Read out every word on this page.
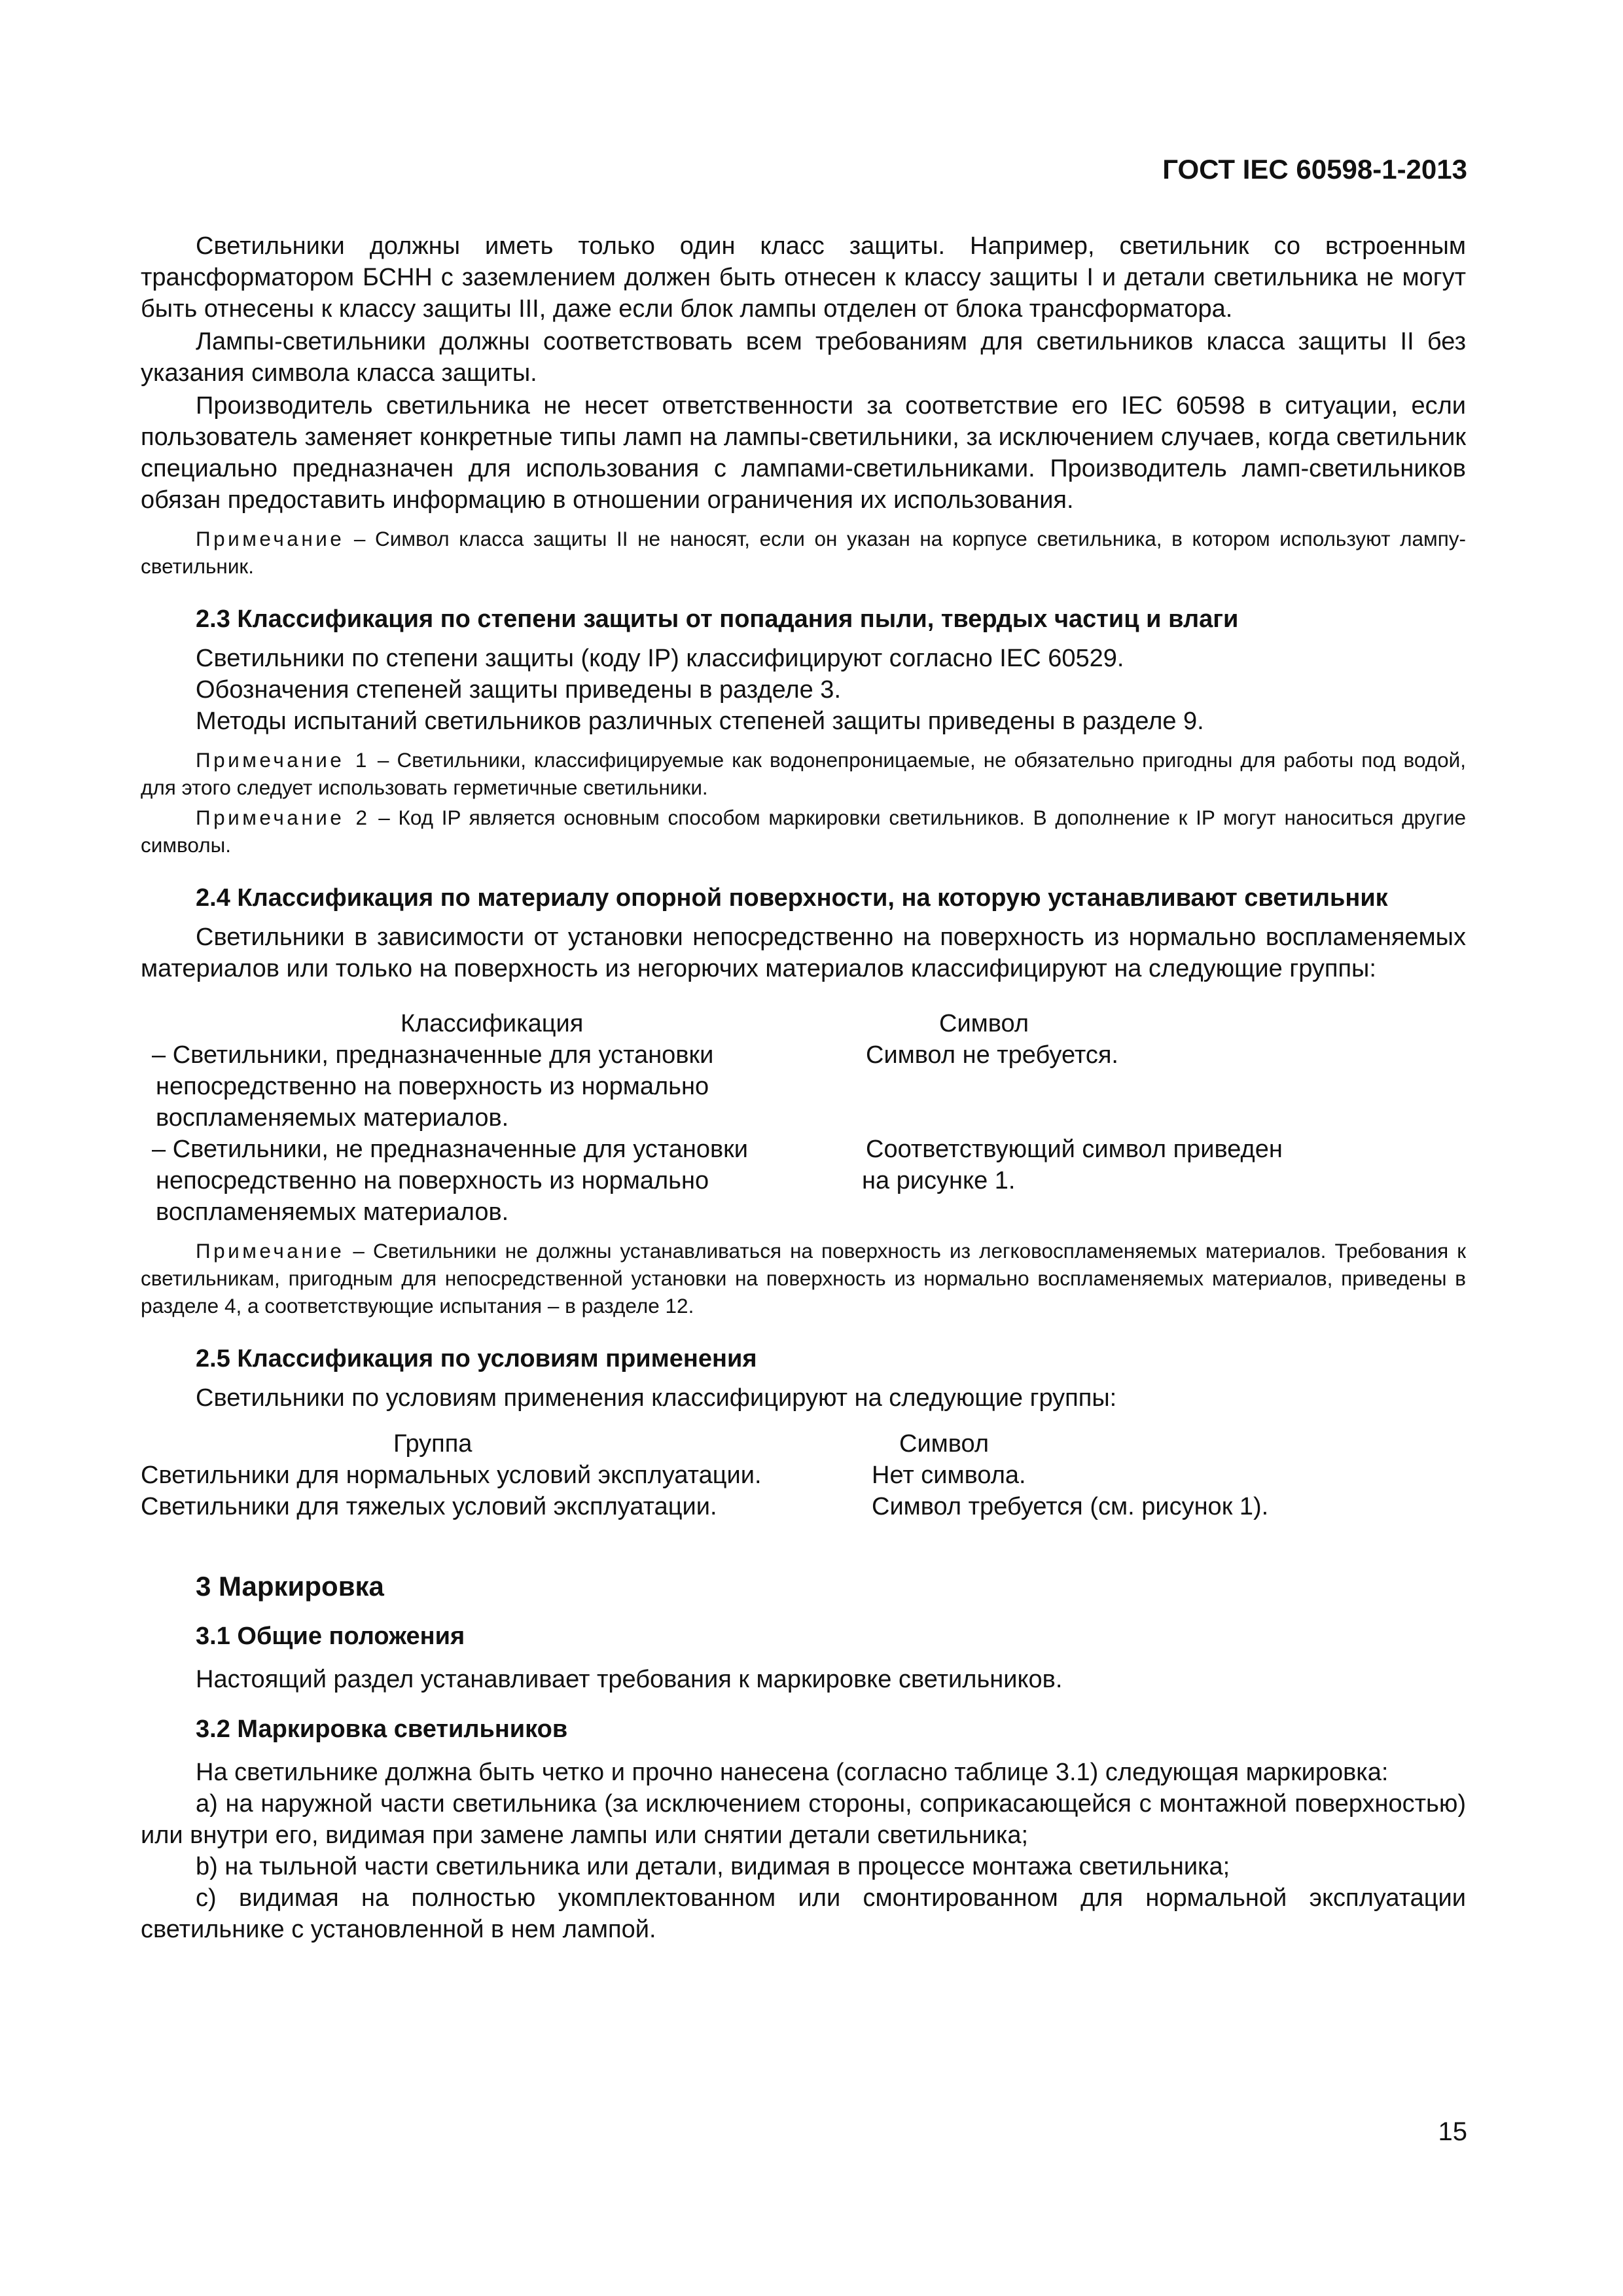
ГОСТ IEC 60598-1-2013

Светильники должны иметь только один класс защиты. Например, светильник со встроенным трансформатором БСНН с заземлением должен быть отнесен к классу защиты I и детали светильника не могут быть отнесены к классу защиты III, даже если блок лампы отделен от блока трансформатора.

Лампы-светильники должны соответствовать всем требованиям для светильников класса защиты II без указания символа класса защиты.

Производитель светильника не несет ответственности за соответствие его IEC 60598 в ситуации, если пользователь заменяет конкретные типы ламп на лампы-светильники, за исключением случаев, когда светильник специально предназначен для использования с лампами-светильниками. Производитель ламп-светильников обязан предоставить информацию в отношении ограничения их использования.

Примечание – Символ класса защиты II не наносят, если он указан на корпусе светильника, в котором используют лампу-светильник.

2.3 Классификация по степени защиты от попадания пыли, твердых частиц и влаги

Светильники по степени защиты (коду IP) классифицируют согласно IEC 60529.

Обозначения степеней защиты приведены в разделе 3.

Методы испытаний светильников различных степеней защиты приведены в разделе 9.

Примечание 1 – Светильники, классифицируемые как водонепроницаемые, не обязательно пригодны для работы под водой, для этого следует использовать герметичные светильники.

Примечание 2 – Код IP является основным способом маркировки светильников. В дополнение к IP могут наноситься другие символы.

2.4 Классификация по материалу опорной поверхности, на которую устанавливают светильник

Светильники в зависимости от установки непосредственно на поверхность из нормально воспламеняемых материалов или только на поверхность из негорючих материалов классифицируют на следующие группы:

Классификация

– Светильники, предназначенные для установки

непосредственно на поверхность из нормально

воспламеняемых материалов.

– Светильники, не предназначенные для установки

непосредственно на поверхность из нормально

воспламеняемых материалов.

Символ

Символ не требуется.

Соответствующий символ приведен

на рисунке 1.

Примечание – Светильники не должны устанавливаться на поверхность из легковоспламеняемых материалов. Требования к светильникам, пригодным для непосредственной установки на поверхность из нормально воспламеняемых материалов, приведены в разделе 4, а соответствующие испытания – в разделе 12.

2.5 Классификация по условиям применения

Светильники по условиям применения классифицируют на следующие группы:

Группа

Светильники для нормальных условий эксплуатации.

Светильники для тяжелых условий эксплуатации.

Символ

Нет символа.

Символ требуется (см. рисунок 1).

3 Маркировка
3.1 Общие положения

Настоящий раздел устанавливает требования к маркировке светильников.

3.2 Маркировка светильников

На светильнике должна быть четко и прочно нанесена (согласно таблице 3.1) следующая маркировка:

а) на наружной части светильника (за исключением стороны, соприкасающейся с монтажной поверхностью) или внутри его, видимая при замене лампы или снятии детали светильника;

b) на тыльной части светильника или детали, видимая в процессе монтажа светильника;

c) видимая на полностью укомплектованном или смонтированном для нормальной эксплуатации светильнике с установленной в нем лампой.

15
